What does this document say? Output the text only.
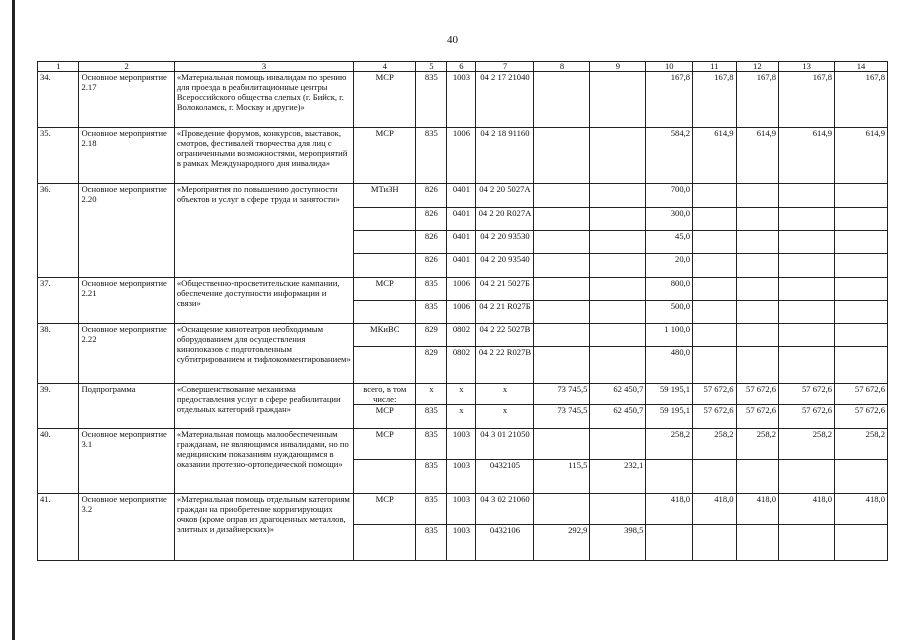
40
1	2	3	4	5	6	7	8	9	10	11	12	13	14
34.	Основное мероприятие 2.17	«Материальная помощь инвалидам по зрению для проезда в реабилитационные центры Всероссийского общества слепых (г. Бийск, г. Волоколамск, г. Москву и другие)»	МСР	835	1003	04 2 17 21040			167,8	167,8	167,8	167,8	167,8
35.	Основное мероприятие 2.18	«Проведение форумов, конкурсов, выставок, смотров, фестивалей творчества для лиц с ограниченными возможностями, мероприятий в рамках Международного дня инвалида»	МСР	835	1006	04 2 18 91160			584,2	614,9	614,9	614,9	614,9
36.	Основное мероприятие 2.20	«Мероприятия по повышению доступности объектов и услуг в сфере труда и занятости»	МТиЗН	826	0401	04 2 20 5027А			700,0				
				826	0401	04 2 20 R027А			300,0				
				826	0401	04 2 20 93530			45,0				
				826	0401	04 2 20 93540			20,0				
37.	Основное мероприятие 2.21	«Общественно-просветительские кампании, обеспечение доступности информации и связи»	МСР	835	1006	04 2 21 5027Б			800,0				
				835	1006	04 2 21 R027Б			500,0				
38.	Основное мероприятие 2.22	«Оснащение кинотеатров необходимым оборудованием для осуществления кинопоказов с подготовленным субтитрированием и тифлокомментированием»	МКиВС	829	0802	04 2 22 5027В			1 100,0				
				829	0802	04 2 22 R027В			480,0				
39.	Подпрограмма	«Совершенствование механизма предоставления услуг в сфере реабилитации отдельных категорий граждан»	всего, в том числе:	х	х	х	73 745,5	62 450,7	59 195,1	57 672,6	57 672,6	57 672,6	57 672,6
			МСР	835	х	х	73 745,5	62 450,7	59 195,1	57 672,6	57 672,6	57 672,6	57 672,6
40.	Основное мероприятие 3.1	«Материальная помощь малообеспеченным гражданам, не являющимся инвалидами, но по медицинским показаниям нуждающимся в оказании протезно-ортопедической помощи»	МСР	835	1003	04 3 01 21050			258,2	258,2	258,2	258,2	258,2
				835	1003	0432105	115,5	232,1					
41.	Основное мероприятие 3.2	«Материальная помощь отдельным категориям граждан на приобретение корригирующих очков (кроме оправ из драгоценных металлов, элитных и дизайнерских)»	МСР	835	1003	04 3 02 21060			418,0	418,0	418,0	418,0	418,0
				835	1003	0432106	292,9	398,5					
